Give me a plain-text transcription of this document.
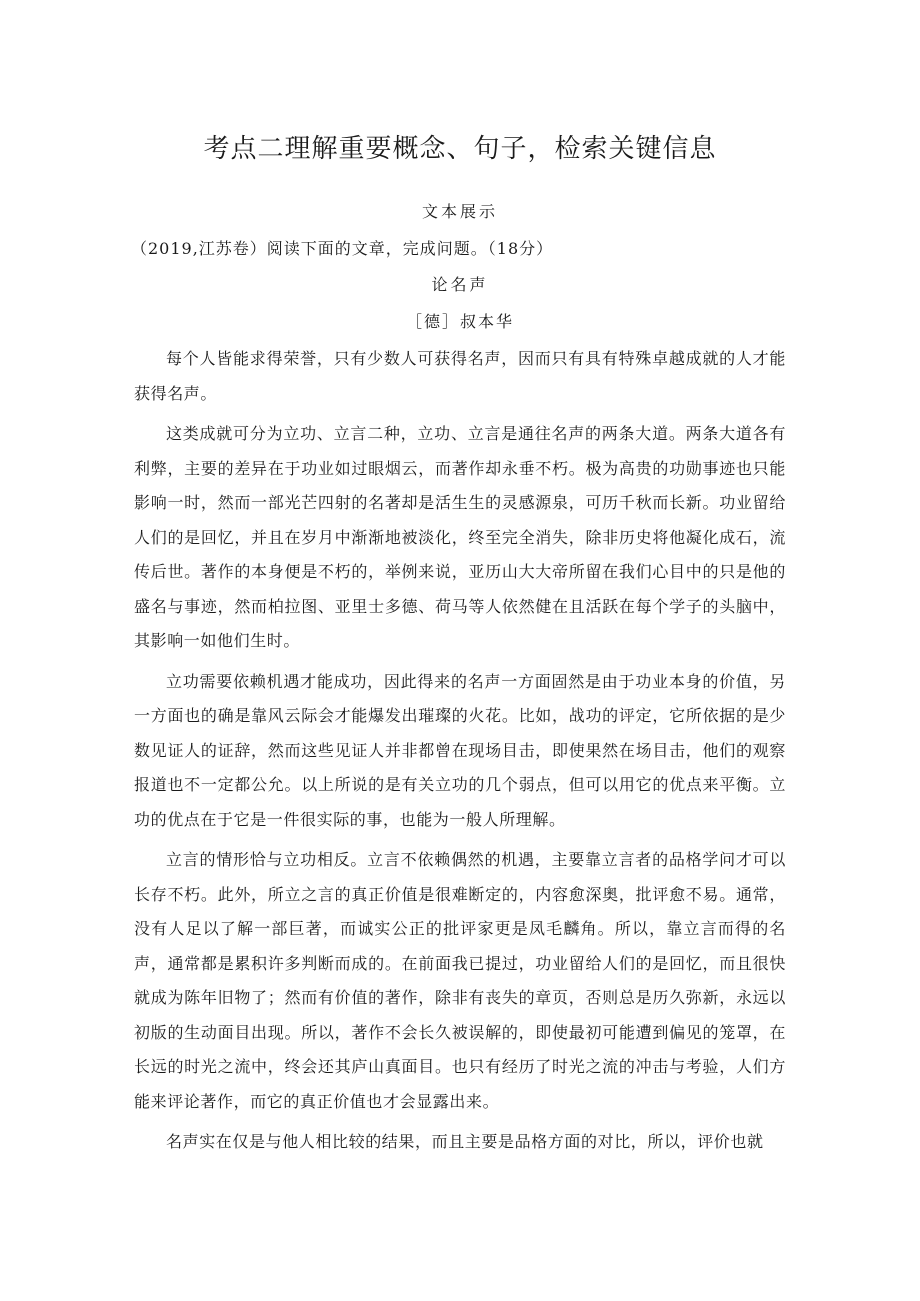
考点二理解重要概念、句子，检索关键信息
文本展示
（2019,江苏卷）阅读下面的文章，完成问题。（18分）
论名声
［德］叔本华

每个人皆能求得荣誉，只有少数人可获得名声，因而只有具有特殊卓越成就的人才能获得名声。

这类成就可分为立功、立言二种，立功、立言是通往名声的两条大道。两条大道各有利弊，主要的差异在于功业如过眼烟云，而著作却永垂不朽。极为高贵的功勋事迹也只能影响一时，然而一部光芒四射的名著却是活生生的灵感源泉，可历千秋而长新。功业留给人们的是回忆，并且在岁月中渐渐地被淡化，终至完全消失，除非历史将他凝化成石，流传后世。著作的本身便是不朽的，举例来说，亚历山大大帝所留在我们心目中的只是他的盛名与事迹，然而柏拉图、亚里士多德、荷马等人依然健在且活跃在每个学子的头脑中，其影响一如他们生时。

立功需要依赖机遇才能成功，因此得来的名声一方面固然是由于功业本身的价值，另一方面也的确是靠风云际会才能爆发出璀璨的火花。比如，战功的评定，它所依据的是少数见证人的证辞，然而这些见证人并非都曾在现场目击，即使果然在场目击，他们的观察报道也不一定都公允。以上所说的是有关立功的几个弱点，但可以用它的优点来平衡。立功的优点在于它是一件很实际的事，也能为一般人所理解。

立言的情形恰与立功相反。立言不依赖偶然的机遇，主要靠立言者的品格学问才可以长存不朽。此外，所立之言的真正价值是很难断定的，内容愈深奥，批评愈不易。通常，没有人足以了解一部巨著，而诚实公正的批评家更是凤毛麟角。所以，靠立言而得的名声，通常都是累积许多判断而成的。在前面我已提过，功业留给人们的是回忆，而且很快就成为陈年旧物了；然而有价值的著作，除非有丧失的章页，否则总是历久弥新，永远以初版的生动面目出现。所以，著作不会长久被误解的，即使最初可能遭到偏见的笼罩，在长远的时光之流中，终会还其庐山真面目。也只有经历了时光之流的冲击与考验，人们方能来评论著作，而它的真正价值也才会显露出来。

名声实在仅是与他人相比较的结果，而且主要是品格方面的对比，所以，评价也就
